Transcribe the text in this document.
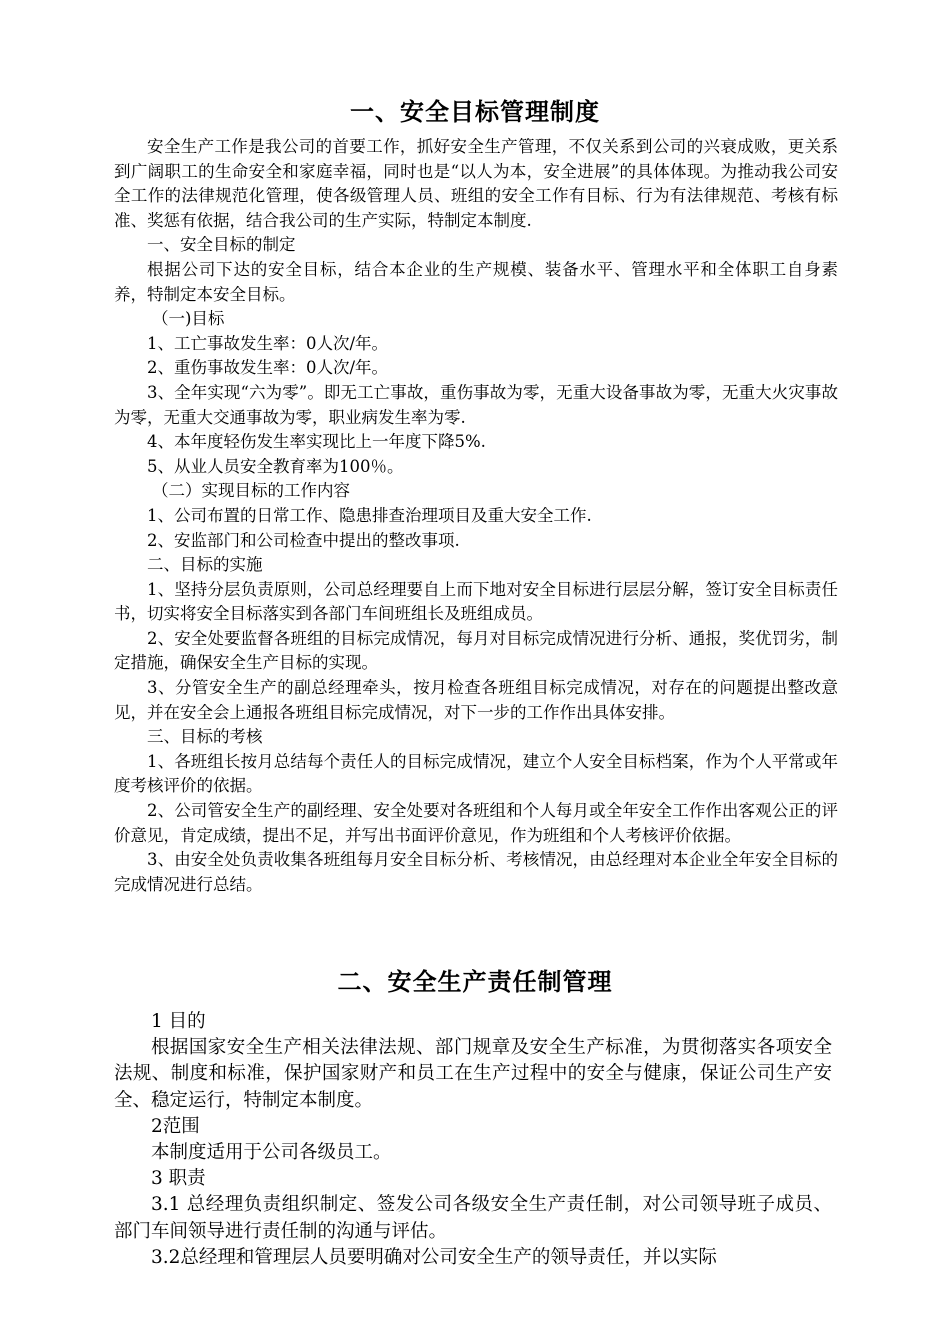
一、安全目标管理制度

安全生产工作是我公司的首要工作，抓好安全生产管理，不仅关系到公司的兴衰成败，更关系到广阔职工的生命安全和家庭幸福，同时也是“以人为本，安全进展”的具体体现。为推动我公司安全工作的法律规范化管理，使各级管理人员、班组的安全工作有目标、行为有法律规范、考核有标准、奖惩有依据，结合我公司的生产实际，特制定本制度.

一、安全目标的制定

根据公司下达的安全目标，结合本企业的生产规模、装备水平、管理水平和全体职工自身素养，特制定本安全目标。

（一)目标

1、工亡事故发生率：0人次/年。

2、重伤事故发生率：0人次/年。

3、全年实现“六为零”。即无工亡事故，重伤事故为零，无重大设备事故为零，无重大火灾事故为零，无重大交通事故为零，职业病发生率为零.

4、本年度轻伤发生率实现比上一年度下降5%.

5、从业人员安全教育率为100％。

（二）实现目标的工作内容

1、公司布置的日常工作、隐患排查治理项目及重大安全工作.

2、安监部门和公司检查中提出的整改事项.

二、目标的实施

1、坚持分层负责原则，公司总经理要自上而下地对安全目标进行层层分解，签订安全目标责任书，切实将安全目标落实到各部门车间班组长及班组成员。

2、安全处要监督各班组的目标完成情况，每月对目标完成情况进行分析、通报，奖优罚劣，制定措施，确保安全生产目标的实现。

3、分管安全生产的副总经理牵头，按月检查各班组目标完成情况，对存在的问题提出整改意见，并在安全会上通报各班组目标完成情况，对下一步的工作作出具体安排。

三、目标的考核

1、各班组长按月总结每个责任人的目标完成情况，建立个人安全目标档案，作为个人平常或年度考核评价的依据。

2、公司管安全生产的副经理、安全处要对各班组和个人每月或全年安全工作作出客观公正的评价意见，肯定成绩，提出不足，并写出书面评价意见，作为班组和个人考核评价依据。

3、由安全处负责收集各班组每月安全目标分析、考核情况，由总经理对本企业全年安全目标的完成情况进行总结。

二、安全生产责任制管理

1 目的

根据国家安全生产相关法律法规、部门规章及安全生产标准，为贯彻落实各项安全法规、制度和标准，保护国家财产和员工在生产过程中的安全与健康，保证公司生产安全、稳定运行，特制定本制度。

2范围

本制度适用于公司各级员工。

3 职责

3.1 总经理负责组织制定、签发公司各级安全生产责任制，对公司领导班子成员、部门车间领导进行责任制的沟通与评估。

3.2总经理和管理层人员要明确对公司安全生产的领导责任，并以实际
